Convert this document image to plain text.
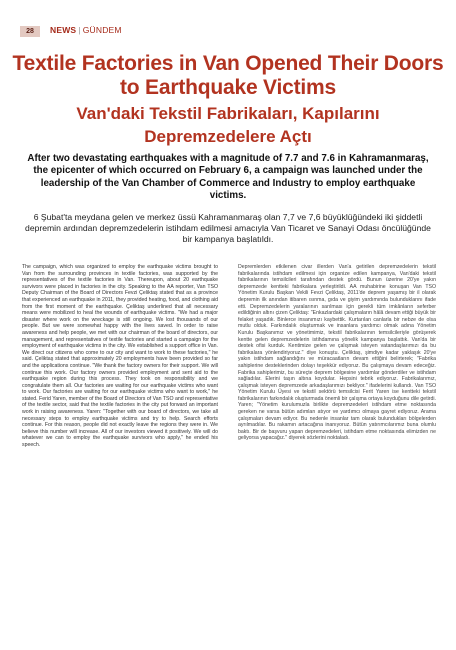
28	NEWS | GÜNDEM
Textile Factories in Van Opened Their Doors to Earthquake Victims
Van'daki Tekstil Fabrikaları, Kapılarını Depremzedelere Açtı

After two devastating earthquakes with a magnitude of 7.7 and 7.6 in Kahramanmaraş, the epicenter of which occurred on February 6, a campaign was launched under the leadership of the Van Chamber of Commerce and Industry to employ earthquake victims.

6 Şubat'ta meydana gelen ve merkez üssü Kahramanmaraş olan 7,7 ve 7,6 büyüklüğündeki iki şiddetli depremin ardından depremzedelerin istihdam edilmesi amacıyla Van Ticaret ve Sanayi Odası öncülüğünde bir kampanya başlatıldı.

The campaign, which was organized to employ the earthquake victims brought to Van from the surrounding provinces in textile factories, was supported by the representatives of the textile factories in Van. Thereupon, about 20 earthquake survivors were placed in factories in the city. Speaking to the AA reporter, Van TSO Deputy Chairman of the Board of Directors Fevzi Çeliktaş stated that as a province that experienced an earthquake in 2011, they provided heating, food, and clothing aid from the first moment of the earthquake. Çeliktaş underlined that all necessary means were mobilized to heal the wounds of earthquake victims. "We had a major disaster where work on the wreckage is still ongoing. We lost thousands of our people. But we were somewhat happy with the lives saved. In order to raise awareness and help people, we met with our chairman of the board of directors, our management, and representatives of textile factories and started a campaign for the employment of earthquake victims in the city. We established a support office in Van. We direct our citizens who come to our city and want to work to these factories," he said. Çeliktaş stated that approximately 20 employments have been provided so far and the applications continue. "We thank the factory owners for their support. We will continue this work. Our factory owners provided employment and sent aid to the earthquake region during this process. They took on responsibility and we congratulate them all. Our factories are waiting for our earthquake victims who want to work. Our factories are waiting for our earthquake victims who want to work," he stated. Ferid Yaren, member of the Board of Directors of Van TSO and representative of the textile sector, said that the textile factories in the city put forward an important work in raising awareness. Yaren: "Together with our board of directors, we take all necessary steps to employ earthquake victims and try to help. Search efforts continue. For this reason, people did not exactly leave the regions they were in. We believe this number will increase. All of our investors viewed it positively. We will do whatever we can to employ the earthquake survivors who apply," he ended his speech.

Depremlerden etkilenen civar illerden Van'a getirilen depremzedelerin tekstil fabrikalarında istihdam edilmesi için organize edilen kampanya, Van'daki tekstil fabrikalarının temsilcileri tarafından destek gördü. Bunun üzerine 20'ye yakın depremzede kentteki fabrikalara yerleştirildi. AA muhabirine konuşan Van TSO Yönetim Kurulu Başkan Vekili Fevzi Çeliktaş, 2011'de deprem yaşamış bir il olarak depremin ilk anından itibaren ısınma, gıda ve giyim yardımında bulunduklarını ifade etti. Depremzedelerin yaralarının sarılması için gerekli tüm imkânların seferber edildiğinin altını çizen Çeliktaş: "Enkazlardaki çalışmaların hâlâ devam ettiği büyük bir felaket yaşadık. Binlerce insanımızı kaybettik. Kurtarılan canlarla bir nebze de olsa mutlu olduk. Farkındalık oluşturmak ve insanlara yardımcı olmak adına Yönetim Kurulu Başkanımız ve yönetimimiz, tekstil fabrikalarının temsilcileriyle görüşerek kentte gelen depremzedelerin istihdamına yönelik kampanya başlattık. Van'da bir destek ofisi kurduk. Kentimize gelen ve çalışmak isteyen vatandaşlarımızı da bu fabrikalara yönlendiriyoruz." diye konuştu. Çeliktaş, şimdiye kadar yaklaşık 20'ye yakın istihdam sağlandığını ve müracaatların devam ettiğini belirterek; "Fabrika sahiplerine desteklerinden dolayı teşekkür ediyoruz. Bu çalışmaya devam edeceğiz. Fabrika sahiplerimiz, bu süreçte deprem bölgesine yardımlar gönderdiler ve istihdam sağladılar. Elerini taşın altına koydular. Hepsini tebrik ediyoruz. Fabrikalarımız, çalışmak isteyen depremzede arkadaşlarımızı bekliyor." ifadelerini kullandı. Van TSO Yönetim Kurulu Üyesi ve tekstil sektörü temsilcisi Ferit Yaren ise kentteki tekstil fabrikalarının farkındalık oluşturmada önemli bir çalışma ortaya koyduğunu dile getirdi. Yaren; "Yönetim kurulumuzla birlikte depremzedeleri istihdam etme noktasında gereken ne varsa bütün adımları atıyor ve yardımcı olmaya gayret ediyoruz. Arama çalışmaları devam ediyor. Bu nedenle insanlar tam olarak bulundukları bölgelerden ayrılmadılar. Bu rakamın artacağına inanıyoruz. Bütün yatırımcılarımız buna olumlu baktı. Bir de başvuru yapan depremzedeleri, istihdam etme noktasında elimizden ne geliyorsa yapacağız." diyerek sözlerini noktaladı.
